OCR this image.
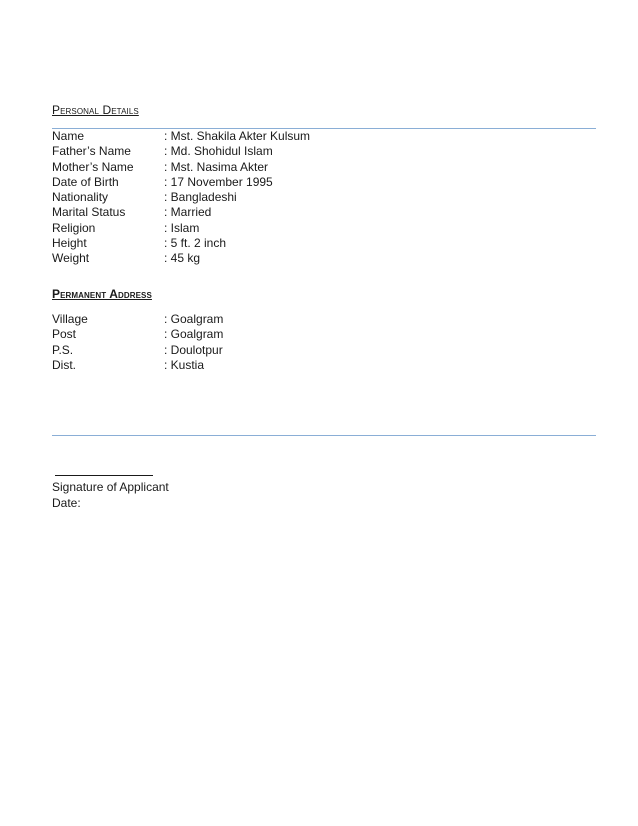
Personal Details
Name	: Mst. Shakila Akter Kulsum
Father’s Name	: Md. Shohidul Islam
Mother’s Name	: Mst. Nasima Akter
Date of Birth	: 17 November 1995
Nationality	: Bangladeshi
Marital Status	: Married
Religion	: Islam
Height	: 5 ft. 2 inch
Weight	: 45 kg
Permanent Address
Village	: Goalgram
Post	: Goalgram
P.S.	: Doulotpur
Dist.	: Kustia
Signature of Applicant
Date:
